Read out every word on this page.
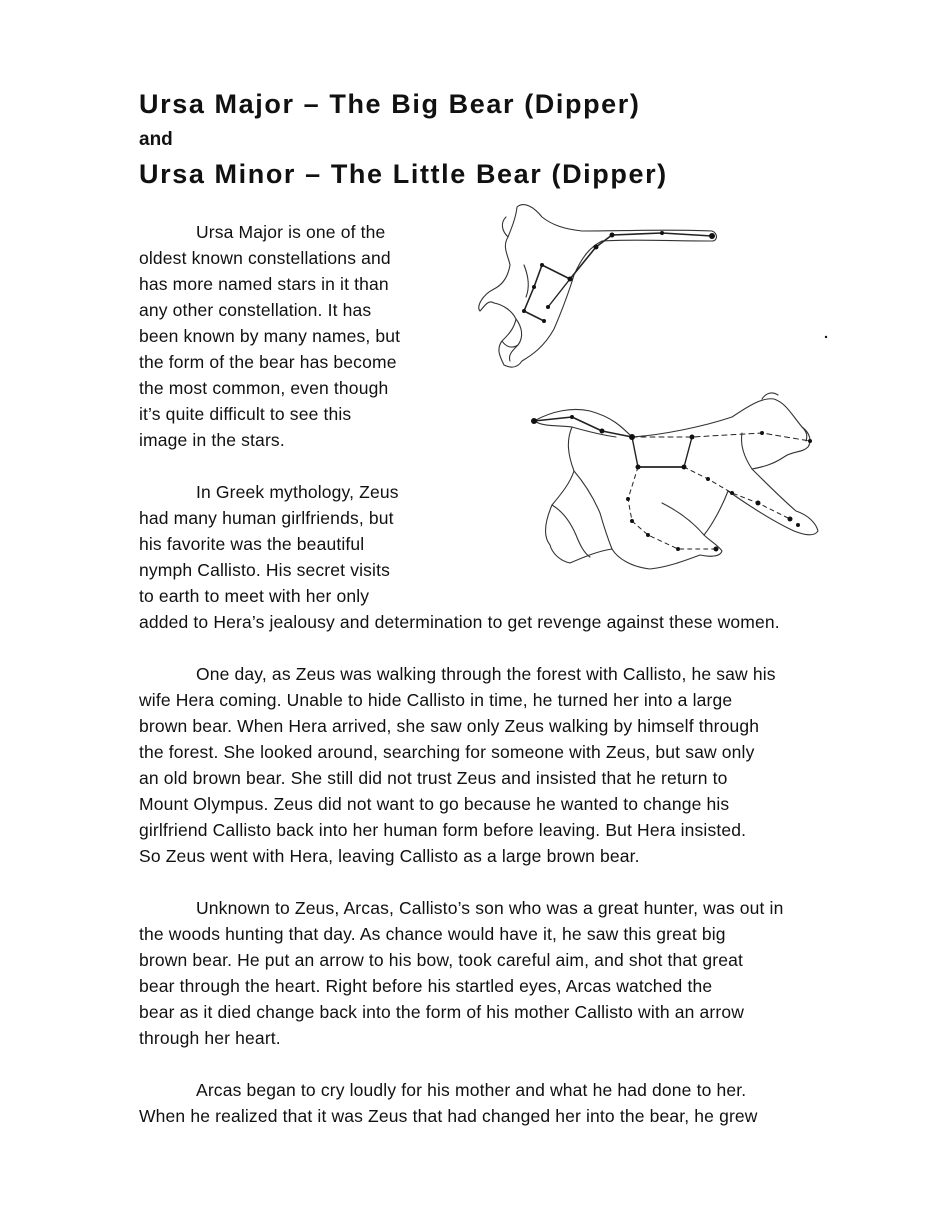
Ursa Major – The Big Bear (Dipper)
and
Ursa Minor – The Little Bear (Dipper)

Ursa Major is one of the
oldest known constellations and
has more named stars in it than
any other constellation. It has
been known by many names, but
the form of the bear has become
the most common, even though
it’s quite difficult to see this
image in the stars.

In Greek mythology, Zeus
had many human girlfriends, but
his favorite was the beautiful
nymph Callisto. His secret visits
to earth to meet with her only
added to Hera’s jealousy and determination to get revenge against these women.

One day, as Zeus was walking through the forest with Callisto, he saw his
wife Hera coming. Unable to hide Callisto in time, he turned her into a large
brown bear. When Hera arrived, she saw only Zeus walking by himself through
the forest. She looked around, searching for someone with Zeus, but saw only
an old brown bear. She still did not trust Zeus and insisted that he return to
Mount Olympus. Zeus did not want to go because he wanted to change his
girlfriend Callisto back into her human form before leaving. But Hera insisted.
So Zeus went with Hera, leaving Callisto as a large brown bear.

Unknown to Zeus, Arcas, Callisto’s son who was a great hunter, was out in
the woods hunting that day. As chance would have it, he saw this great big
brown bear. He put an arrow to his bow, took careful aim, and shot that great
bear through the heart. Right before his startled eyes, Arcas watched the
bear as it died change back into the form of his mother Callisto with an arrow
through her heart.

Arcas began to cry loudly for his mother and what he had done to her.
When he realized that it was Zeus that had changed her into the bear, he grew
